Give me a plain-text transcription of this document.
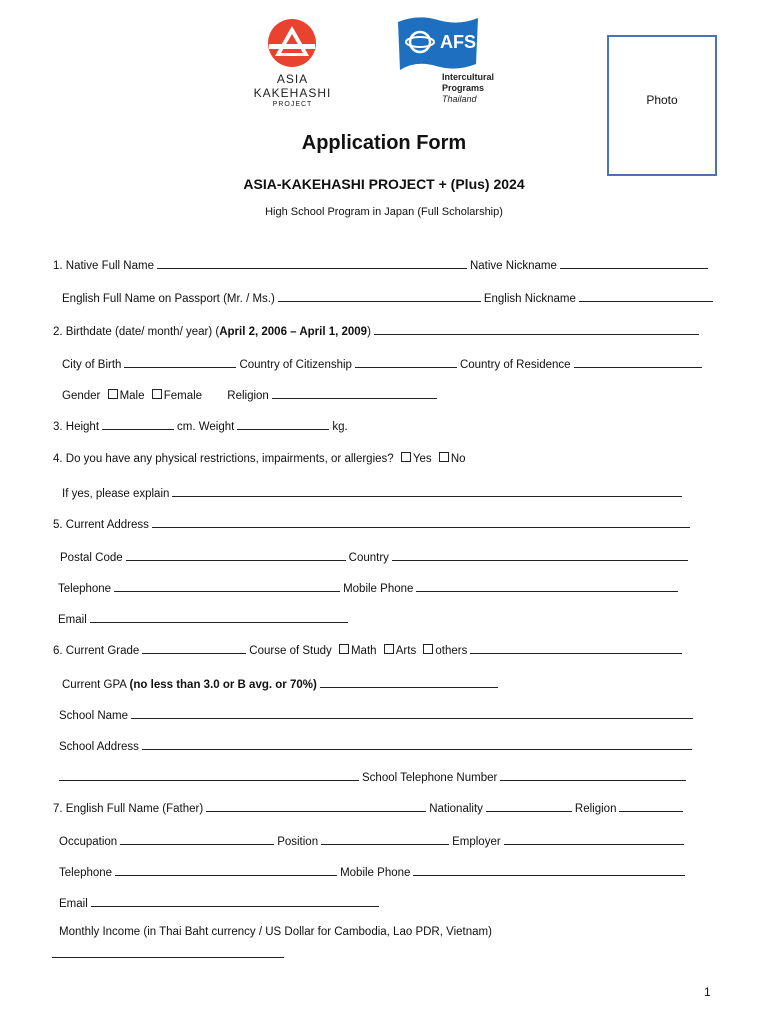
ASIA
KAKEHASHI
PROJECT
AFS
Intercultural
Programs
Thailand	Photo
Application Form
ASIA-KAKEHASHI PROJECT + (Plus) 2024
High School Program in Japan (Full Scholarship)
1. Native Full Name	Native Nickname
English Full Name on Passport (Mr. / Ms.)	English Nickname
2. Birthdate (date/ month/ year) (April 2, 2006 – April 1, 2009)
City of Birth	Country of Citizenship	Country of Residence
Gender Male Female Religion
3. Height	cm. Weight	kg.
4. Do you have any physical restrictions, impairments, or allergies? Yes No
If yes, please explain
5. Current Address
Postal Code	Country
Telephone	Mobile Phone
Email
6. Current Grade	Course of Study Math Arts others
Current GPA (no less than 3.0 or B avg. or 70%)
School Name
School Address
School Telephone Number
7. English Full Name (Father)	Nationality	Religion
Occupation	Position	Employer
Telephone	Mobile Phone
Email
Monthly Income (in Thai Baht currency / US Dollar for Cambodia, Lao PDR, Vietnam)
1
